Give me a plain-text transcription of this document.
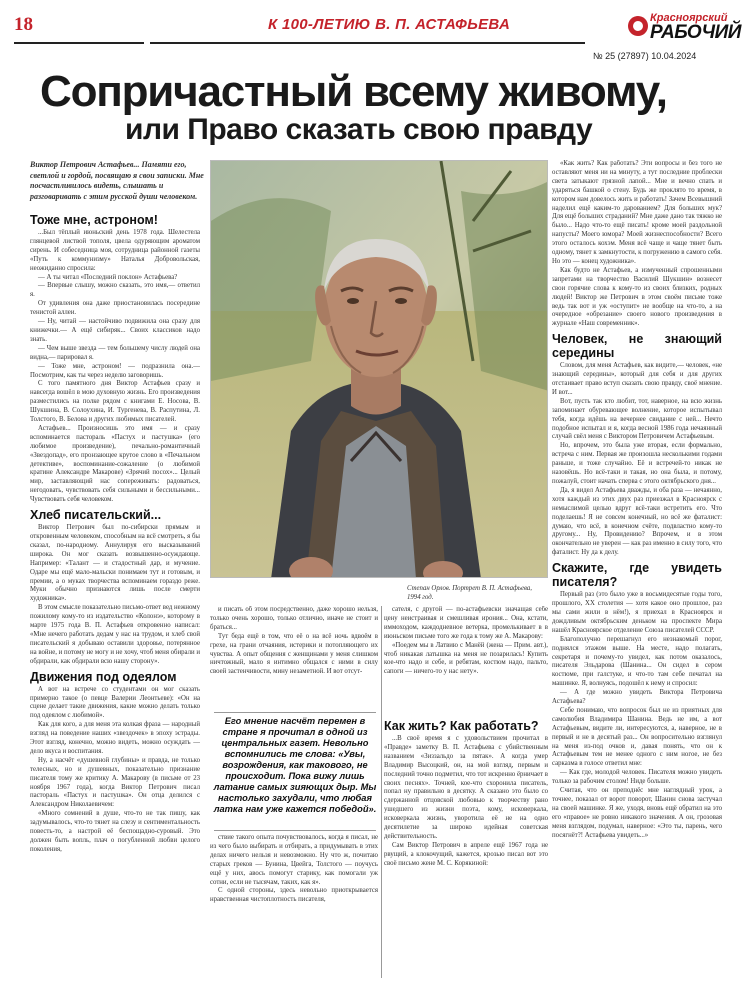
18	К 100-ЛЕТИЮ В. П. АСТАФЬЕВА	Красноярский
РАБОЧИЙ
№ 25 (27897) 10.04.2024
Сопричастный всему живому,
или Право сказать свою правду
Виктор Петрович Астафьев... Памяти его, светлой и гордой, посвящаю я свои записки. Мне посчастливилось видеть, слышать и разговаривать с этим русской души человеком.
Тоже мне, астроном!

...Был тёплый июньский день 1978 года. Шелестела глянцевой листвой тополя, цвела одуряющим ароматом сирень. И собеседница моя, сотрудница районной газеты «Путь к коммунизму» Наталья Добровольская, неожиданно спросила:

— А ты читал «Последний поклон» Астафьева?

— Впервые слышу, можно сказать, это имя,— ответил я.

От удивления она даже приостановилась посередине тенистой аллеи.

— Ну, читай — настойчиво подвижила она сразу для книжечки.— А ещё сибиряк... Своих классиков надо знать.

— Чем выше звезда — тем большему числу людей она видна,— парировал я.

— Тоже мне, астроном! — подразнила она.— Посмотрим, как ты через неделю заговоришь.

С того памятного дня Виктор Астафьев сразу и навсегда вошёл в мою духовную жизнь. Его произведения разместились на полке рядом с книгами Е. Носова, В. Шукшина, В. Солоухина, И. Тургенева, В. Распутина, Л. Толстого, В. Белова и других любимых писателей.

Астафьев... Произносишь это имя — и сразу вспоминается пастораль «Пастух и пастушка» (его любимое произведение), печально-романтичный «Звездопад», его пронзающее крутое слово в «Печальном детективе», воспоминание-сожаление (о любимой кратине Александре Макарове) «Зрячий посох»... Целый мир, заставляющий нас сопереживать: радоваться, негодовать, чувствовать себя сильными и бессильными... Чувствовать себя человеком.

Хлеб писательский...

Виктор Петрович был по-сибирски прямым и откровенным человеком, способным на всё смотреть, я бы сказал, по-народному. Аннулируя его высказываний широка. Он мог сказать возвышенно-осуждающе. Например: «Талант — и стадостный дар, и мучение. Одаре мы ещё мало-мальски понимаем тут и готовым, и премии, а о муках творчества вспоминаем гораздо реже. Муки обычно признаются лишь после смерти художника».

В этом смысле показательно письмо-ответ вед нежному пожилому кому-то из издательство «Колонэ», которому в марте 1975 года В. П. Астафьев откровенно написал: «Мне нечего работать дедам у нас на трудом, и хлеб свой писательский я добываю оставили здоровье, потерянное на войне, и потому не могу и не хочу, чтоб меня обирали и обдирали, как обдирали всю нашу сторону».

Движения под одеялом

А вот на встрече со студентами он мог сказать примерно такое (о певце Валерии Леонтьеве): «Он на сцене делает такие движения, какие можно делать только под одеялом с любимой».

Как для кого, а для меня эта колкая фраза — народный взгляд на поведение наших «звездочек» в эпоху эстрады. Этот взгляд, конечно, можно видеть, можно осуждать — дело вкуса и воспитания.

Ну, а насчёт «душевной глубины» и правда, не только телесных, но и душевных, показательно признание писателя тому же критику А. Макарову (в письме от 23 ноября 1967 года), когда Виктор Петрович писал пастораль «Пастух и пастушка». Он отца делился с Александром Николаевичем:

«Много сомнений в душе, что-то не так пишу, как задумывалось, что-то тянет на слезу и сентиментальность повесть-то, а настрой её беспощадно-суровый. Это должен быть вопль, плач о погубленной любви целого поколения,

Степан Орлов. Портрет В. П. Астафьева, 1994 год.

и писать об этом посредственно, даже хорошо нельзя, только очень хорошо, только отлично, иначе не стоит и браться...

Тут беда ещё в том, что её о на всё ночь вдвоём в грехе, на грани отчаяния, истерики и потопляющего их чувства. А опыт общения с женщинами у меня слишком ничтожный, мало я интимно общался с ними в силу своей застенчивости, мину незаметной. И вот отсут-

сателя, с другой — по-астафьевски значащая себе цену неистраивая и смешливая ирония... Она, кстати, иммоходом, каждодневное ветерка, промелькивает в в июньском письме того же года к тому же А. Макарову:

«Поедем мы в Латвию с Манёй (жена — Прим. авт.), чтоб никакая латышка на меня не позарилась! Купить кое-что надо и себе, и ребятам, костюм надо, пальто, сапоги — ничего-то у нас нету».

Его мнение насчёт перемен в стране я прочитал в одной из центральных газет. Невольно вспомнились те слова: «Увы, возрождения, как такового, не происходит. Пока вижу лишь латание самых зияющих дыр. Мы настолько захудали, что любая латка нам уже кажется победой».

ствие такого опыта почувствовалось, когда я писал, не из чего было выбирать и отбирать, а придумывать в этих делах ничего нельзя и невозможно. Ну что ж, почитаю старых греков — Бунина, Цвейга, Толстого — поучусь ещё у них, авось помогут старику, как помогали уж сотни, если не тысячам, таких, как я».

С одной стороны, здесь невольно приоткрывается нравственная чистоплотность писателя,

Как жить? Как работать?

...В своё время я с удовольствием прочитал в «Правде» заметку В. П. Астафьева с убийственным названием «Зиззальдо за пятак». А когда умер Владимир Высоцкий, он, на мой взгляд, первым и последний точно подметил, что тот искренно ёрничает в своих песнях». Точней, кое-что схоронила писатель, попал ну правильно в десятку. А сказано это было со сдержанной отцовской любовью к творчеству рано ушедшего из жизни поэта, кому, исковеркала, исковеркала жизнь, уворотила её не на одно десятилетие за широко идейная советская действительность.

Сам Виктор Петрович в апреле ещё 1967 года не рвущий, а клокочущий, кажется, крозью писал вот это своё письмо жене М. С. Корякиной:

«Как жить? Как работать? Эти вопросы и без того не оставляют меня ни на минуту, а тут последние проблески света затыкают грязной лапой... Мне и вечно спать и ударяться башкой о стену. Будь же проклято то время, в котором нам довелось жить и работать! Зачем Всевышний наделил ещё каким-то дарованием? Для больших мук? Для ещё больших страданий? Мне даже дано так тяжко не было... Надо что-то ещё писать! кроме моей раздольной напусты? Моего юмора? Моей жизнеспособности? Всего этого осталось кохэм. Меня всё чаще и чаще тянет быть одному, тянет к замкнутости, к погружению в самого себя. Но это — конец художника».

Как будто не Астафьев, а измученный спрошенными запретами на творчество Василий Шукшин» вознесет свои горячие слова к кому-то из своих близких, родных людей! Виктор же Петрович в этом своём письме тоже ведь так вот и уж «оступит» не вообще на что-то, а на очередное «обрезание» своего нового произведения в журнале «Наш современник».

Человек, не знающий середины

Словом, для меня Астафьев, как видите,— человек, «не знающий середины», который для себя и для других отстаивает право вступ сказать свою правду, своё мнение. И вот...

Вот, пусть так кто любит, тот, наверное, на всю жизнь запоминает обуревающее волнение, которое испытывал тебя, когда идёшь на вечернее свидание с ней... Нечто подобное испытал и я, когда весной 1986 года нечаянный случай свёл меня с Виктором Петровичем Астафьевым.

Но, впрочем, это была уже вторая, если формально, встреча с ним. Первая же произошла несколькими годами раньше, и тоже случайно. Её и встречей-то никак не назовёшь. Но всё-таки и такая, но она была, и потому, пожалуй, стоит начать сперва с этого октябрьского дня...

Да, я видел Астафьева дважды, и оба раза — нечаянно, хотя каждый из этих двух раз приезжал в Красноярск с немыслимой целью вдруг всё-таки встретить его. Что поделаешь! Я не совсем конечный, но всё же фаталист: думаю, что всё, в конечном счёте, подвластно кому-то другому... Ну, Провидению? Впрочем, и в этом окончательно не уверен — как раз именно в силу того, что фаталист. Ну да к делу.

Скажите, где увидеть писателя?

Первый раз (это было уже в восьмидесятые годы того, прошлого, ХХ столетия — хотя какое оно прошлое, раз мы сами жили в нём!), я приехал в Красноярск и дождливым октябрьским деньком на проспекте Мира нашёл Красноярское отделение Союза писателей СССР.

Благополучно перешагнул его незнакомый порог, поднялся этажом выше. На месте, надо полагать, секретаря и почему-то увидел, как потом оказалось, писателя Эльдарова (Шанина... Он сидел в сером костюме, при галстуке, и что-то там себе печатал на машинке. Я, волнуясь, подошёл к нему и спросил:

— А где можно увидеть Виктора Петровича Астафьева?

Себе понимаю, что вопросок был не из приятных для самолюбия Владимира Шанина. Ведь не им, а вот Астафьевым, видите ли, интересуются, а, наверное, не в первый и не в десятый раз... Он вопросительно взглянул на меня из-под очков и, давая понять, что он к Астафьевым тем не менее одного с ним ногое, не без сарказма в голосе ответил мне:

— Как где, молодой человек. Писателя можно увидеть только за рабочим столом! Ниде больше.

Считая, что он преподнёс мне наглядный урок, а точнее, показал от ворот поворот, Шанин снова застучал на своей машинке. Я же, уходя, вновь ещё обратил на это его «правое» не ровно никакого значения. А он, грозовая меня взглядом, подумал, наверное: «Это ты, парень, чего посягнёт?! Астафьева увидеть...»
